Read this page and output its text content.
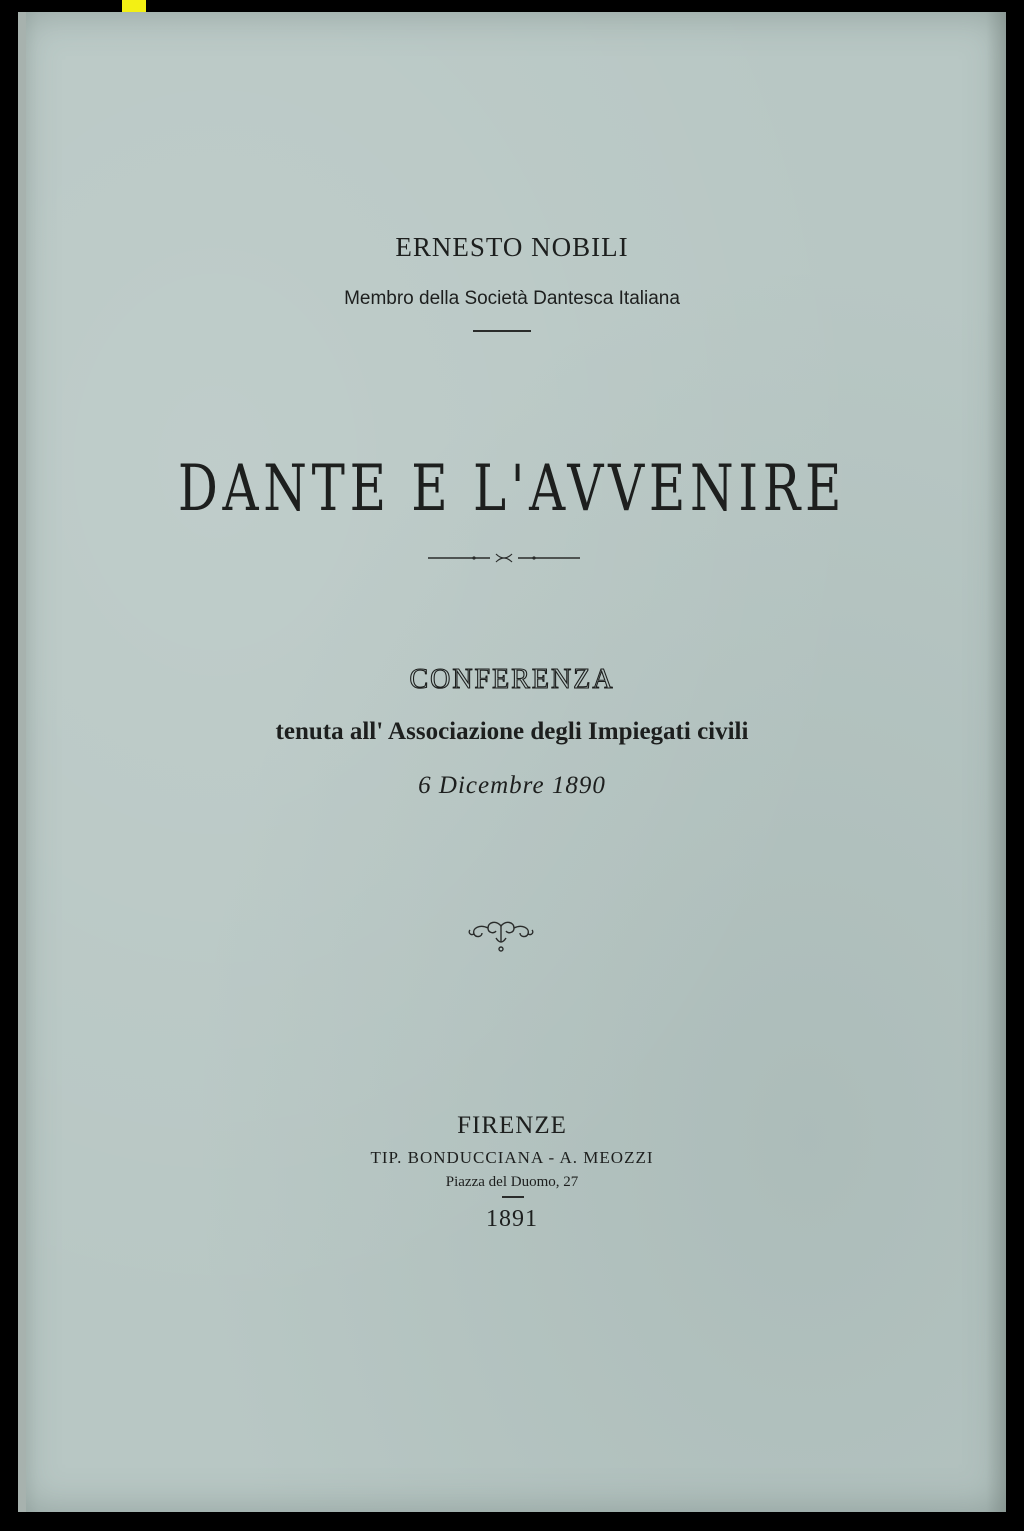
ERNESTO NOBILI
Membro della Società Dantesca Italiana
DANTE E L'AVVENIRE
CONFERENZA
tenuta all' Associazione degli Impiegati civili
6 Dicembre 1890
FIRENZE
TIP. BONDUCCIANA - A. MEOZZI
Piazza del Duomo, 27
1891
